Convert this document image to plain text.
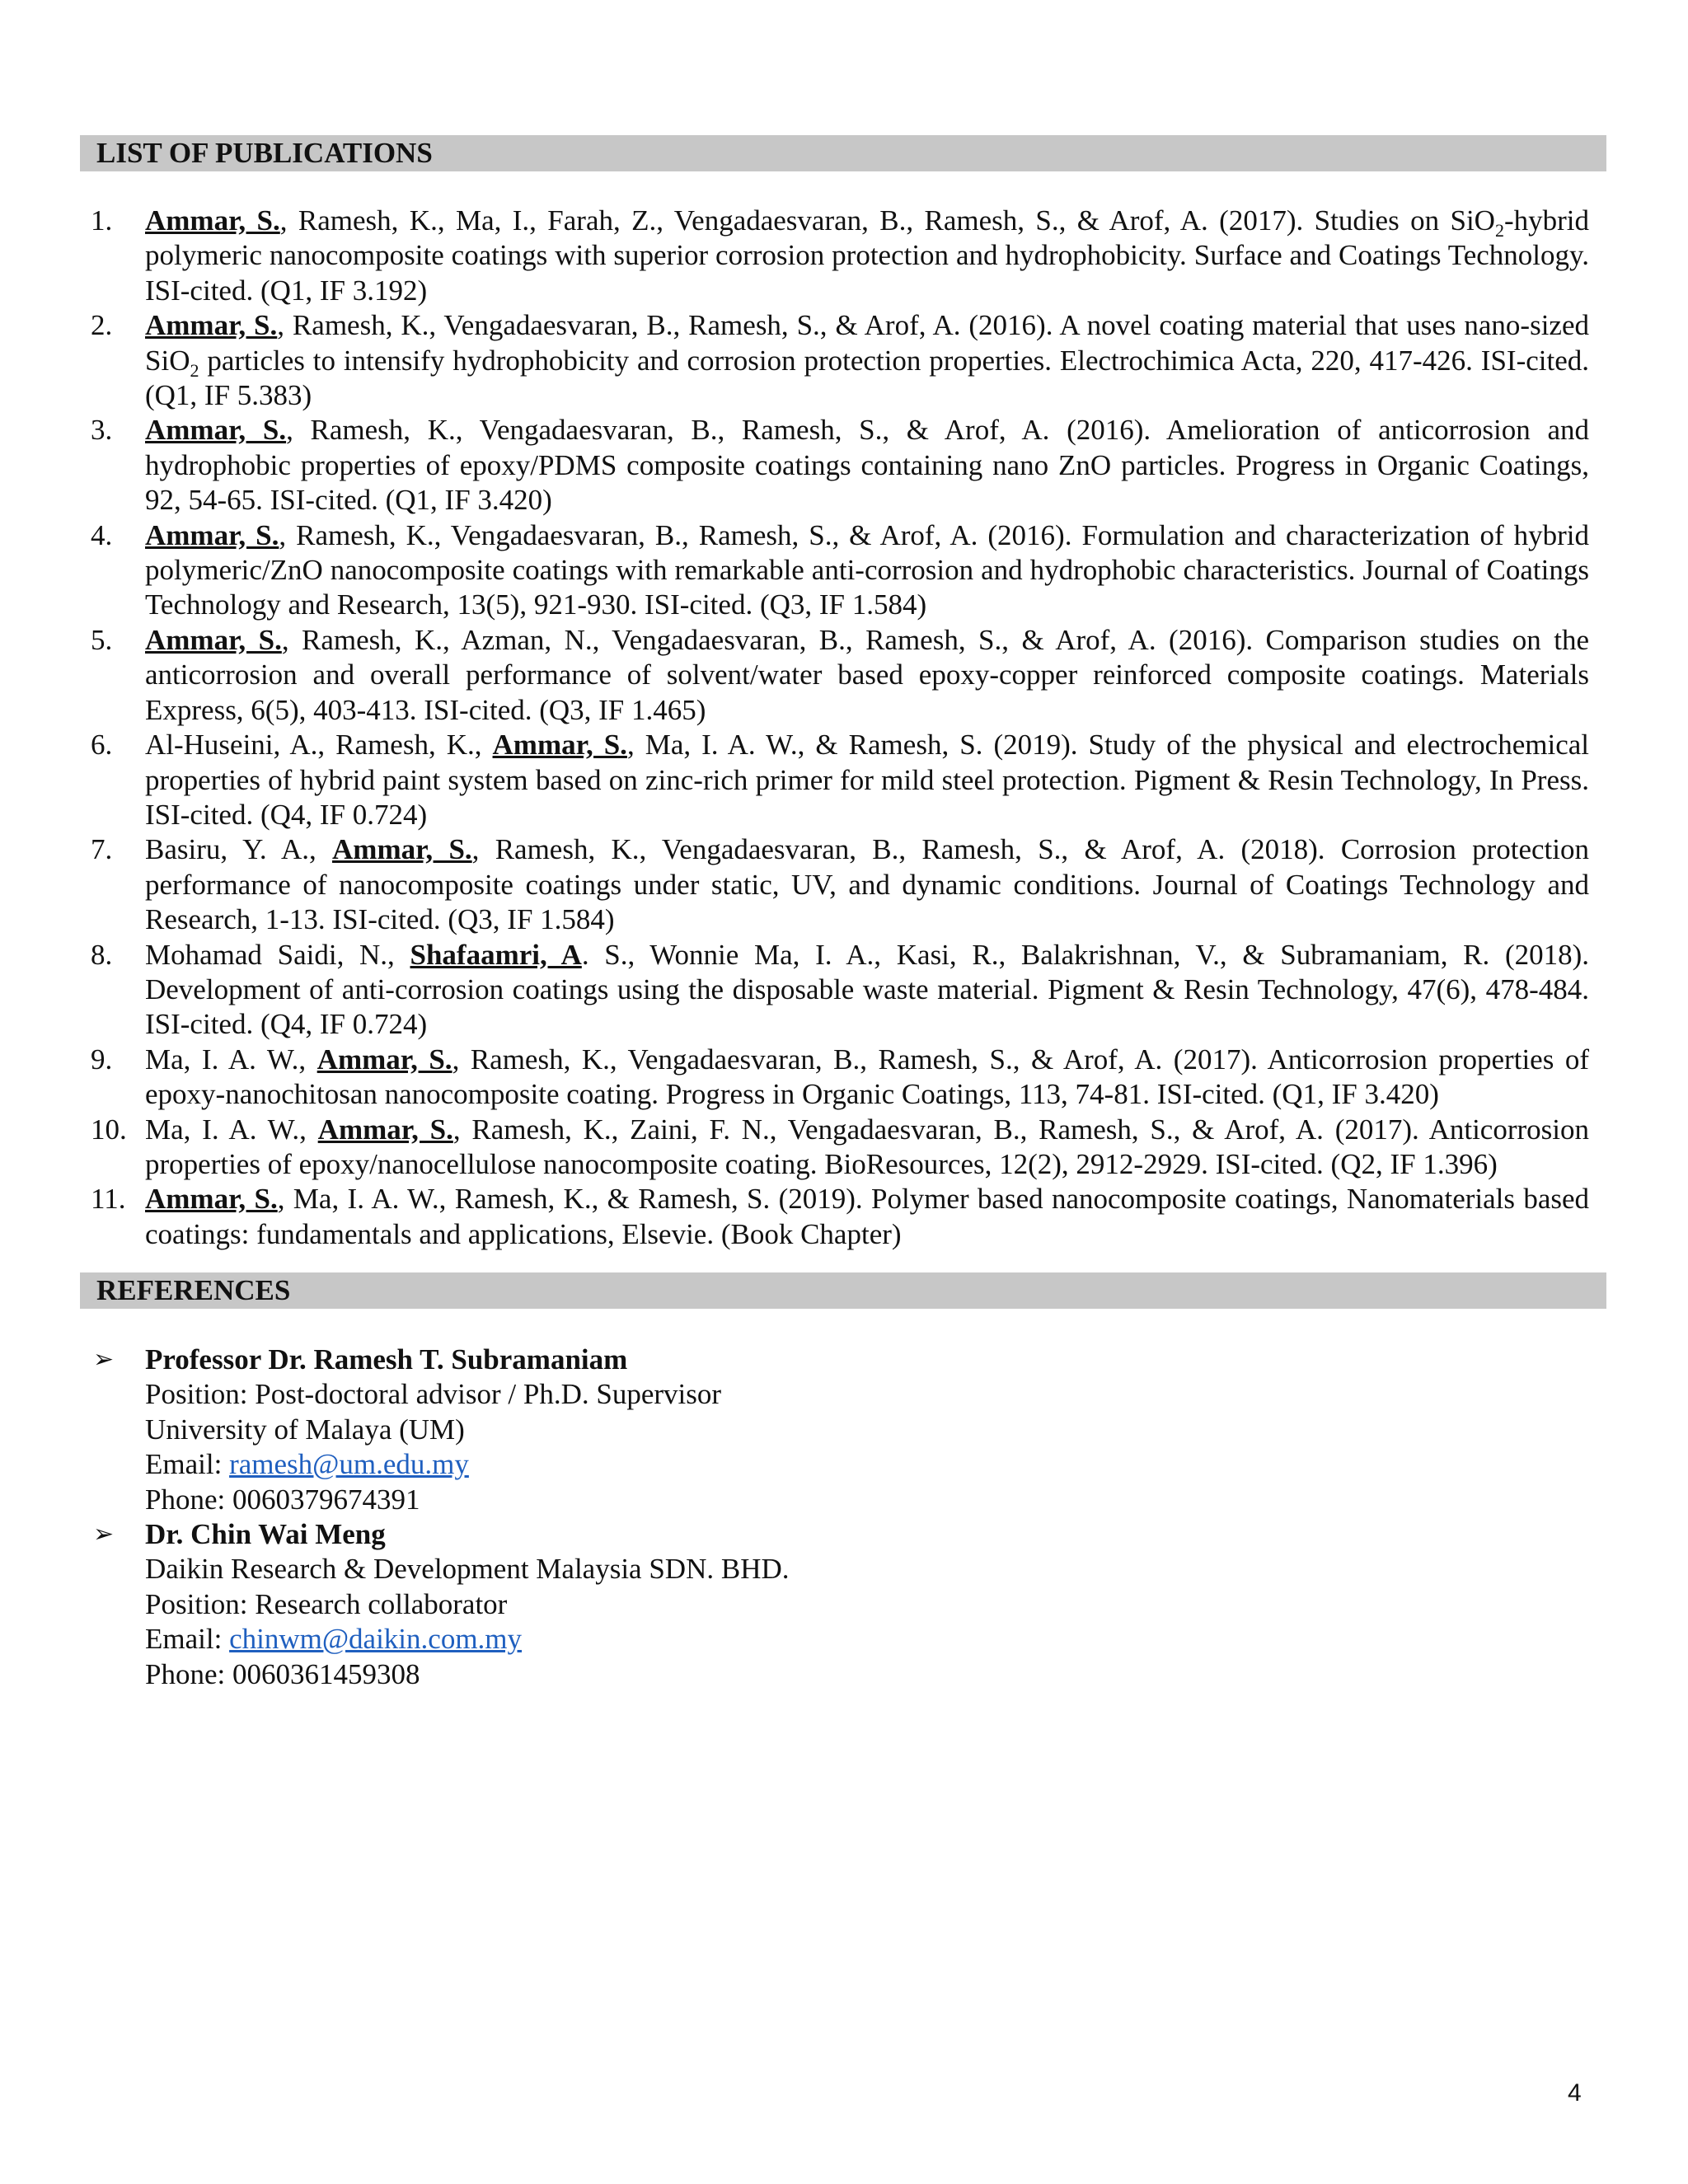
LIST OF PUBLICATIONS
1. Ammar, S., Ramesh, K., Ma, I., Farah, Z., Vengadaesvaran, B., Ramesh, S., & Arof, A. (2017). Studies on SiO$_2$-hybrid polymeric nanocomposite coatings with superior corrosion protection and hydrophobicity. Surface and Coatings Technology. ISI-cited. (Q1, IF 3.192)
2. Ammar, S., Ramesh, K., Vengadaesvaran, B., Ramesh, S., & Arof, A. (2016). A novel coating material that uses nano-sized SiO$_2$ particles to intensify hydrophobicity and corrosion protection properties. Electrochimica Acta, 220, 417-426. ISI-cited. (Q1, IF 5.383)
3. Ammar, S., Ramesh, K., Vengadaesvaran, B., Ramesh, S., & Arof, A. (2016). Amelioration of anticorrosion and hydrophobic properties of epoxy/PDMS composite coatings containing nano ZnO particles. Progress in Organic Coatings, 92, 54-65. ISI-cited. (Q1, IF 3.420)
4. Ammar, S., Ramesh, K., Vengadaesvaran, B., Ramesh, S., & Arof, A. (2016). Formulation and characterization of hybrid polymeric/ZnO nanocomposite coatings with remarkable anti-corrosion and hydrophobic characteristics. Journal of Coatings Technology and Research, 13(5), 921-930. ISI-cited. (Q3, IF 1.584)
5. Ammar, S., Ramesh, K., Azman, N., Vengadaesvaran, B., Ramesh, S., & Arof, A. (2016). Comparison studies on the anticorrosion and overall performance of solvent/water based epoxy-copper reinforced composite coatings. Materials Express, 6(5), 403-413. ISI-cited. (Q3, IF 1.465)
6. Al-Huseini, A., Ramesh, K., Ammar, S., Ma, I. A. W., & Ramesh, S. (2019). Study of the physical and electrochemical properties of hybrid paint system based on zinc-rich primer for mild steel protection. Pigment & Resin Technology, In Press. ISI-cited. (Q4, IF 0.724)
7. Basiru, Y. A., Ammar, S., Ramesh, K., Vengadaesvaran, B., Ramesh, S., & Arof, A. (2018). Corrosion protection performance of nanocomposite coatings under static, UV, and dynamic conditions. Journal of Coatings Technology and Research, 1-13. ISI-cited. (Q3, IF 1.584)
8. Mohamad Saidi, N., Shafaamri, A. S., Wonnie Ma, I. A., Kasi, R., Balakrishnan, V., & Subramaniam, R. (2018). Development of anti-corrosion coatings using the disposable waste material. Pigment & Resin Technology, 47(6), 478-484. ISI-cited. (Q4, IF 0.724)
9. Ma, I. A. W., Ammar, S., Ramesh, K., Vengadaesvaran, B., Ramesh, S., & Arof, A. (2017). Anticorrosion properties of epoxy-nanochitosan nanocomposite coating. Progress in Organic Coatings, 113, 74-81. ISI-cited. (Q1, IF 3.420)
10. Ma, I. A. W., Ammar, S., Ramesh, K., Zaini, F. N., Vengadaesvaran, B., Ramesh, S., & Arof, A. (2017). Anticorrosion properties of epoxy/nanocellulose nanocomposite coating. BioResources, 12(2), 2912-2929. ISI-cited. (Q2, IF 1.396)
11. Ammar, S., Ma, I. A. W., Ramesh, K., & Ramesh, S. (2019). Polymer based nanocomposite coatings, Nanomaterials based coatings: fundamentals and applications, Elsevie. (Book Chapter)
REFERENCES
➢ Professor Dr. Ramesh T. Subramaniam
Position: Post-doctoral advisor / Ph.D. Supervisor
University of Malaya (UM)
Email: ramesh@um.edu.my
Phone: 0060379674391
➢ Dr. Chin Wai Meng
Daikin Research & Development Malaysia SDN. BHD.
Position: Research collaborator
Email: chinwm@daikin.com.my
Phone: 0060361459308
4
